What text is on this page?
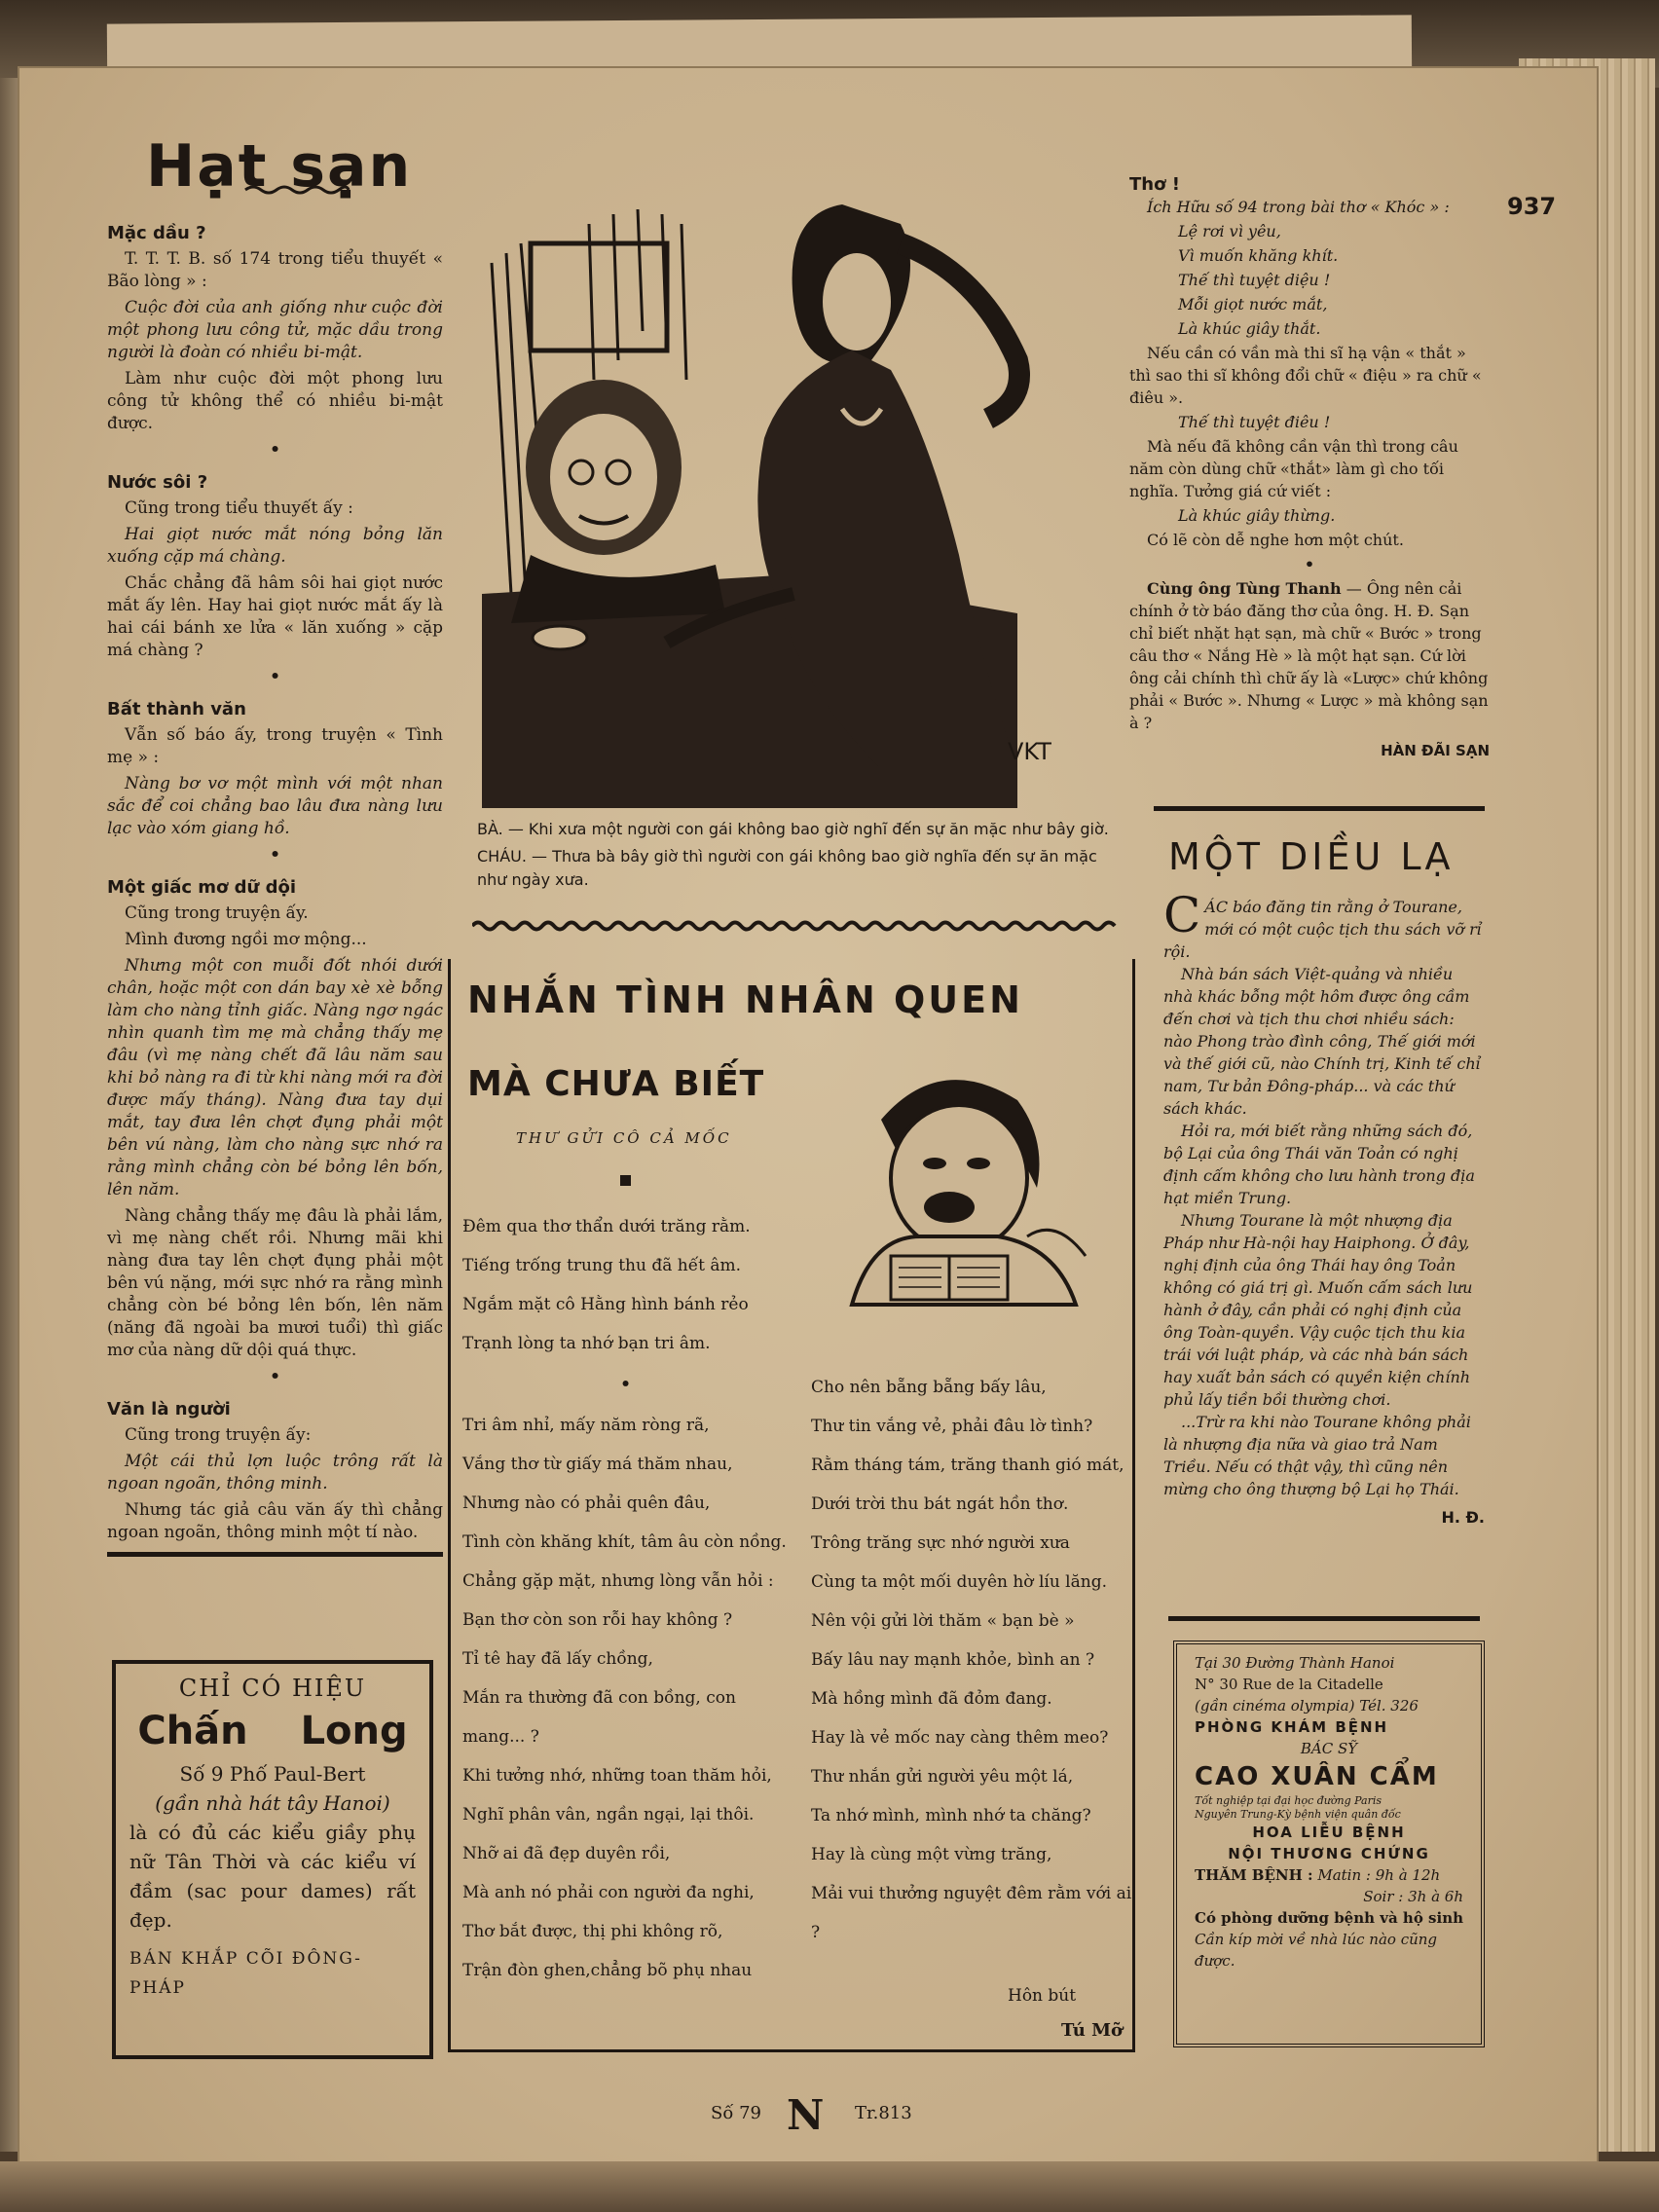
937
Hạt sạn
Mặc dầu ?

T. T. T. B. số 174 trong tiểu thuyết « Bão lòng » :

Cuộc đời của anh giống như cuộc đời một phong lưu công tử, mặc dầu trong người là đoàn có nhiều bi-mật.

Làm như cuộc đời một phong lưu công tử không thể có nhiều bi-mật được.

•
Nước sôi ?

Cũng trong tiểu thuyết ấy :

Hai giọt nước mắt nóng bỏng lăn xuống cặp má chàng.

Chắc chẳng đã hâm sôi hai giọt nước mắt ấy lên. Hay hai giọt nước mắt ấy là hai cái bánh xe lửa « lăn xuống » cặp má chàng ?

•
Bất thành văn

Vẫn số báo ấy, trong truyện « Tình mẹ » :

Nàng bơ vơ một mình với một nhan sắc để coi chẳng bao lâu đưa nàng lưu lạc vào xóm giang hồ.

•
Một giấc mơ dữ dội

Cũng trong truyện ấy.

Mình đương ngồi mơ mộng...

Nhưng một con muỗi đốt nhói dưới chân, hoặc một con dán bay xè xè bỗng làm cho nàng tỉnh giấc. Nàng ngơ ngác nhìn quanh tìm mẹ mà chẳng thấy mẹ đâu (vì mẹ nàng chết đã lâu năm sau khi bỏ nàng ra đi từ khi nàng mới ra đời được mấy tháng). Nàng đưa tay dụi mắt, tay đưa lên chợt đụng phải một bên vú nàng, làm cho nàng sực nhớ ra rằng mình chẳng còn bé bỏng lên bốn, lên năm.

Nàng chẳng thấy mẹ đâu là phải lắm, vì mẹ nàng chết rồi. Nhưng mãi khi nàng đưa tay lên chợt đụng phải một bên vú nặng, mới sực nhớ ra rằng mình chẳng còn bé bỏng lên bốn, lên năm (năng đã ngoài ba mươi tuổi) thì giấc mơ của nàng dữ dội quá thực.

•
Văn là người

Cũng trong truyện ấy:

Một cái thủ lợn luộc trông rất là ngoan ngoãn, thông minh.

Nhưng tác giả câu văn ấy thì chẳng ngoan ngoãn, thông minh một tí nào.

CHỈ CÓ HIỆU
Chấn Long
Số 9 Phố Paul-Bert
(gần nhà hát tây Hanoi)
là có đủ các kiểu giầy phụ nữ Tân Thời và các kiểu ví đầm (sac pour dames) rất đẹp.
BÁN KHẮP CÕI ĐÔNG-PHÁP
VKT

BÀ. — Khi xưa một người con gái không bao giờ nghĩ đến sự ăn mặc như bây giờ.

CHÁU. — Thưa bà bây giờ thì người con gái không bao giờ nghĩa đến sự ăn mặc như ngày xưa.

NHẮN TÌNH NHÂN QUEN
MÀ CHƯA BIẾT
THƯ GỬI CÔ CẢ MỐC

Đêm qua thơ thẩn dưới trăng rằm.

Tiếng trống trung thu đã hết âm.

Ngắm mặt cô Hằng hình bánh rẻo

Trạnh lòng ta nhớ bạn tri âm.

•

Tri âm nhỉ, mấy năm ròng rã,

Vắng thơ từ giấy má thăm nhau,

Nhưng nào có phải quên đâu,

Tình còn khăng khít, tâm âu còn nồng.

Chẳng gặp mặt, nhưng lòng vẫn hỏi :

Bạn thơ còn son rỗi hay không ?

Tỉ tê hay đã lấy chồng,

Mắn ra thường đã con bồng, con mang... ?

Khi tưởng nhớ, những toan thăm hỏi,

Nghĩ phân vân, ngần ngại, lại thôi.

Nhỡ ai đã đẹp duyên rồi,

Mà anh nó phải con người đa nghi,

Thơ bắt được, thị phi không rõ,

Trận đòn ghen,chẳng bõ phụ nhau

Cho nên bẵng bẵng bấy lâu,

Thư tin vắng vẻ, phải đâu lờ tình?

Rằm tháng tám, trăng thanh gió mát,

Dưới trời thu bát ngát hồn thơ.

Trông trăng sực nhớ người xưa

Cùng ta một mối duyên hờ líu lăng.

Nên vội gửi lời thăm « bạn bè »

Bấy lâu nay mạnh khỏe, bình an ?

Mà hồng mình đã đỏm đang.

Hay là vẻ mốc nay càng thêm meo?

Thư nhắn gửi người yêu một lá,

Ta nhớ mình, mình nhớ ta chăng?

Hay là cùng một vừng trăng,

Mải vui thưởng nguyệt đêm rằm với ai ?

Hôn bút
Tú Mỡ

Thơ !

Ích Hữu số 94 trong bài thơ « Khóc » :

Lệ rơi vì yêu,

Vì muốn khăng khít.

Thế thì tuyệt diệu !

Mỗi giọt nước mắt,

Là khúc giây thắt.

Nếu cần có vần mà thi sĩ hạ vận « thắt » thì sao thi sĩ không đổi chữ « điệu » ra chữ « điêu ».

Thế thì tuyệt điêu !

Mà nếu đã không cần vận thì trong câu năm còn dùng chữ «thắt» làm gì cho tối nghĩa. Tưởng giá cứ viết :

Là khúc giây thừng.

Có lẽ còn dễ nghe hơn một chút.

•

Cùng ông Tùng Thanh — Ông nên cải chính ở tờ báo đăng thơ của ông. H. Đ. Sạn chỉ biết nhặt hạt sạn, mà chữ « Bước » trong câu thơ « Nắng Hè » là một hạt sạn. Cứ lời ông cải chính thì chữ ấy là «Lược» chứ không phải « Bước ». Nhưng « Lược » mà không sạn à ?

HÀN ĐÃI SẠN

MỘT DIỀU LẠ
C ÁC báo đăng tin rằng ở Tourane, mới có một cuộc tịch thu sách vỡ rỉ rội.

Nhà bán sách Việt-quảng và nhiều nhà khác bỗng một hôm được ông cầm đến chơi và tịch thu chơi nhiều sách: nào Phong trào đình công, Thế giới mới và thế giới cũ, nào Chính trị, Kinh tế chỉ nam, Tư bản Đông-pháp... và các thứ sách khác.

Hỏi ra, mới biết rằng những sách đó, bộ Lại của ông Thái văn Toản có nghị định cấm không cho lưu hành trong địa hạt miền Trung.

Nhưng Tourane là một nhượng địa Pháp như Hà-nội hay Haiphong. Ở đây, nghị định của ông Thái hay ông Toản không có giá trị gì. Muốn cấm sách lưu hành ở đây, cần phải có nghị định của ông Toàn-quyền. Vậy cuộc tịch thu kia trái với luật pháp, và các nhà bán sách hay xuất bản sách có quyền kiện chính phủ lấy tiền bồi thường chơi.

...Trừ ra khi nào Tourane không phải là nhượng địa nữa và giao trả Nam Triều. Nếu có thật vậy, thì cũng nên mừng cho ông thượng bộ Lại họ Thái.

H. Đ.

Tại 30 Đường Thành Hanoi

N° 30 Rue de la Citadelle

(gần cinéma olympia) Tél. 326

PHÒNG KHÁM BỆNH

BÁC SỸ

CAO XUÂN CẨM

Tốt nghiệp tại đại học đường Paris

Nguyên Trung-Kỳ bệnh viện quân đốc

HOA LIỄU BỆNH

NỘI THƯƠNG CHỨNG

THĂM BỆNH : Matin : 9h à 12h

Soir : 3h à 6h

Có phòng dưỡng bệnh và hộ sinh

Cần kíp mời về nhà lúc nào cũng được.

Số 79 N Tr.813
